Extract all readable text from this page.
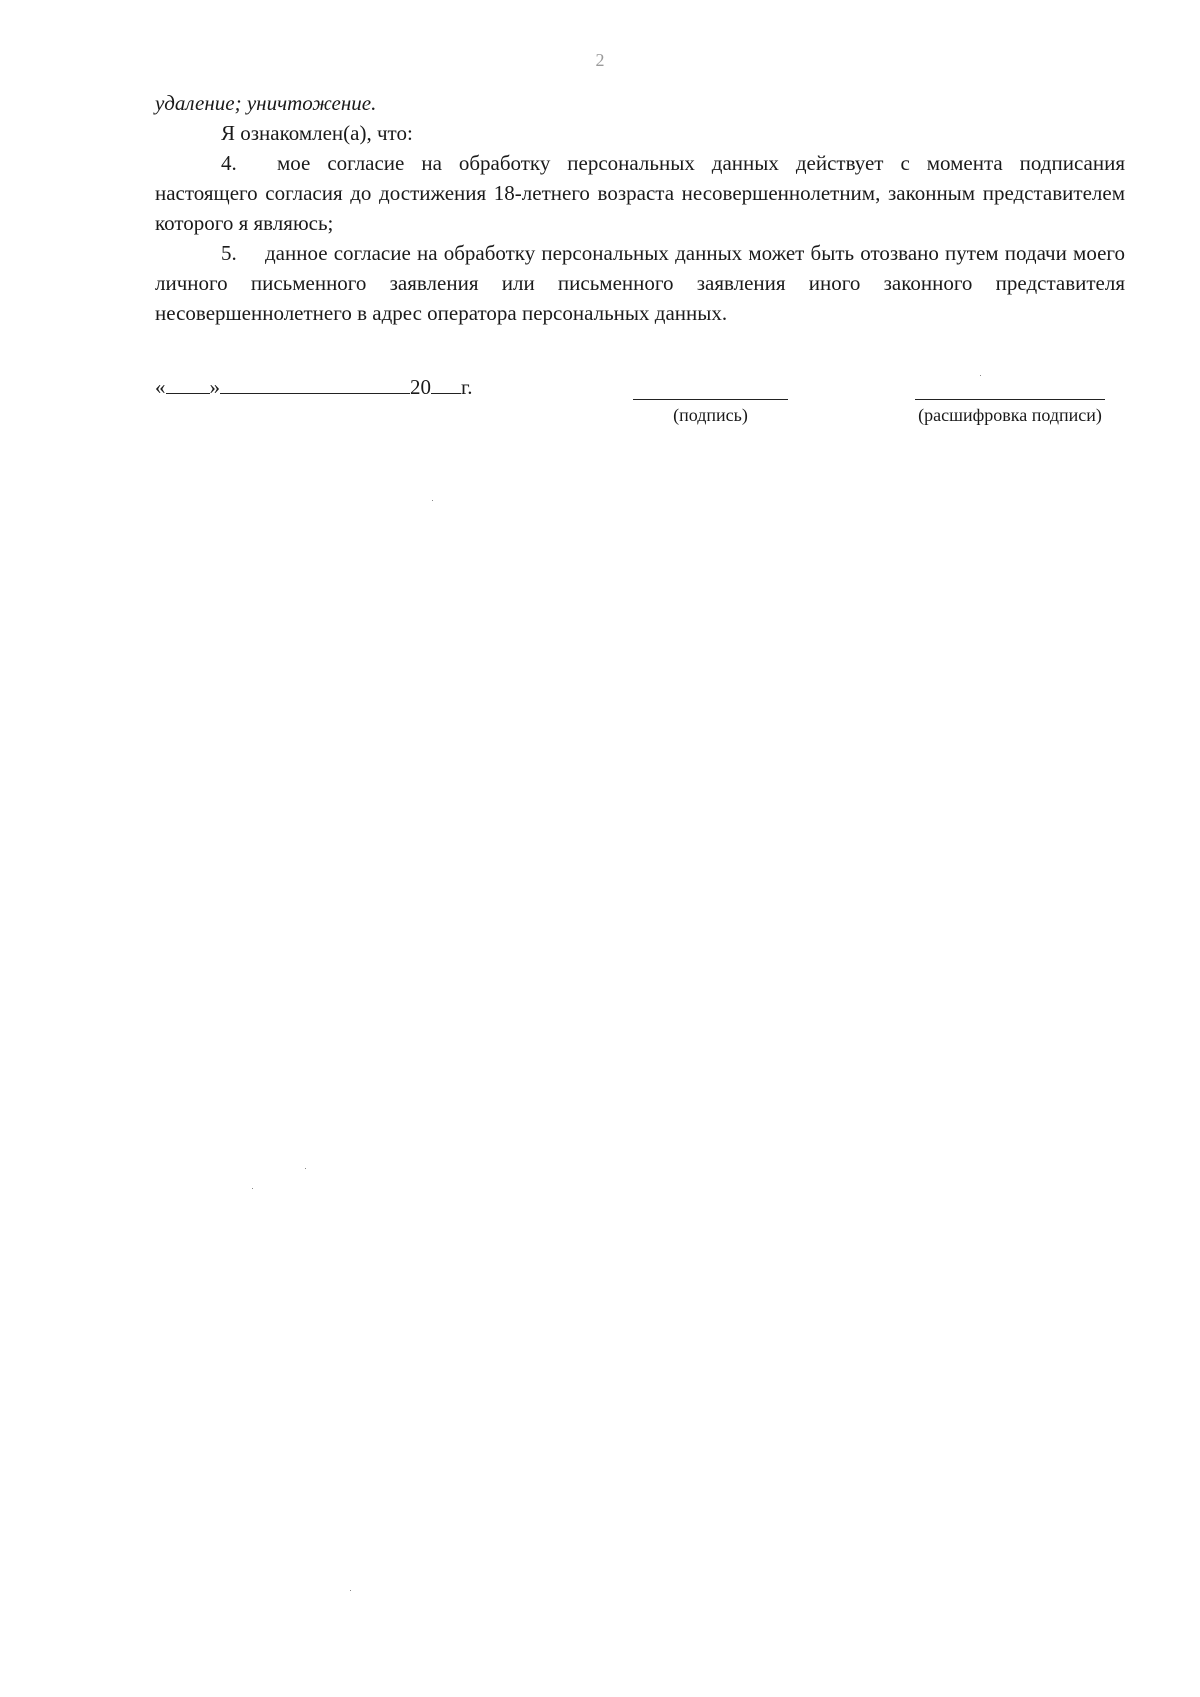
2

удаление; уничтожение.

Я ознакомлен(а), что:

4. мое согласие на обработку персональных данных действует с момента подписания настоящего согласия до достижения 18-летнего возраста несовершеннолетним, законным представителем которого я являюсь;

5. данное согласие на обработку персональных данных может быть отозвано путем подачи моего личного письменного заявления или письменного заявления иного законного представителя несовершеннолетнего в адрес оператора персональных данных.

« »	20 г.
(подпись)	(расшифровка подписи)
